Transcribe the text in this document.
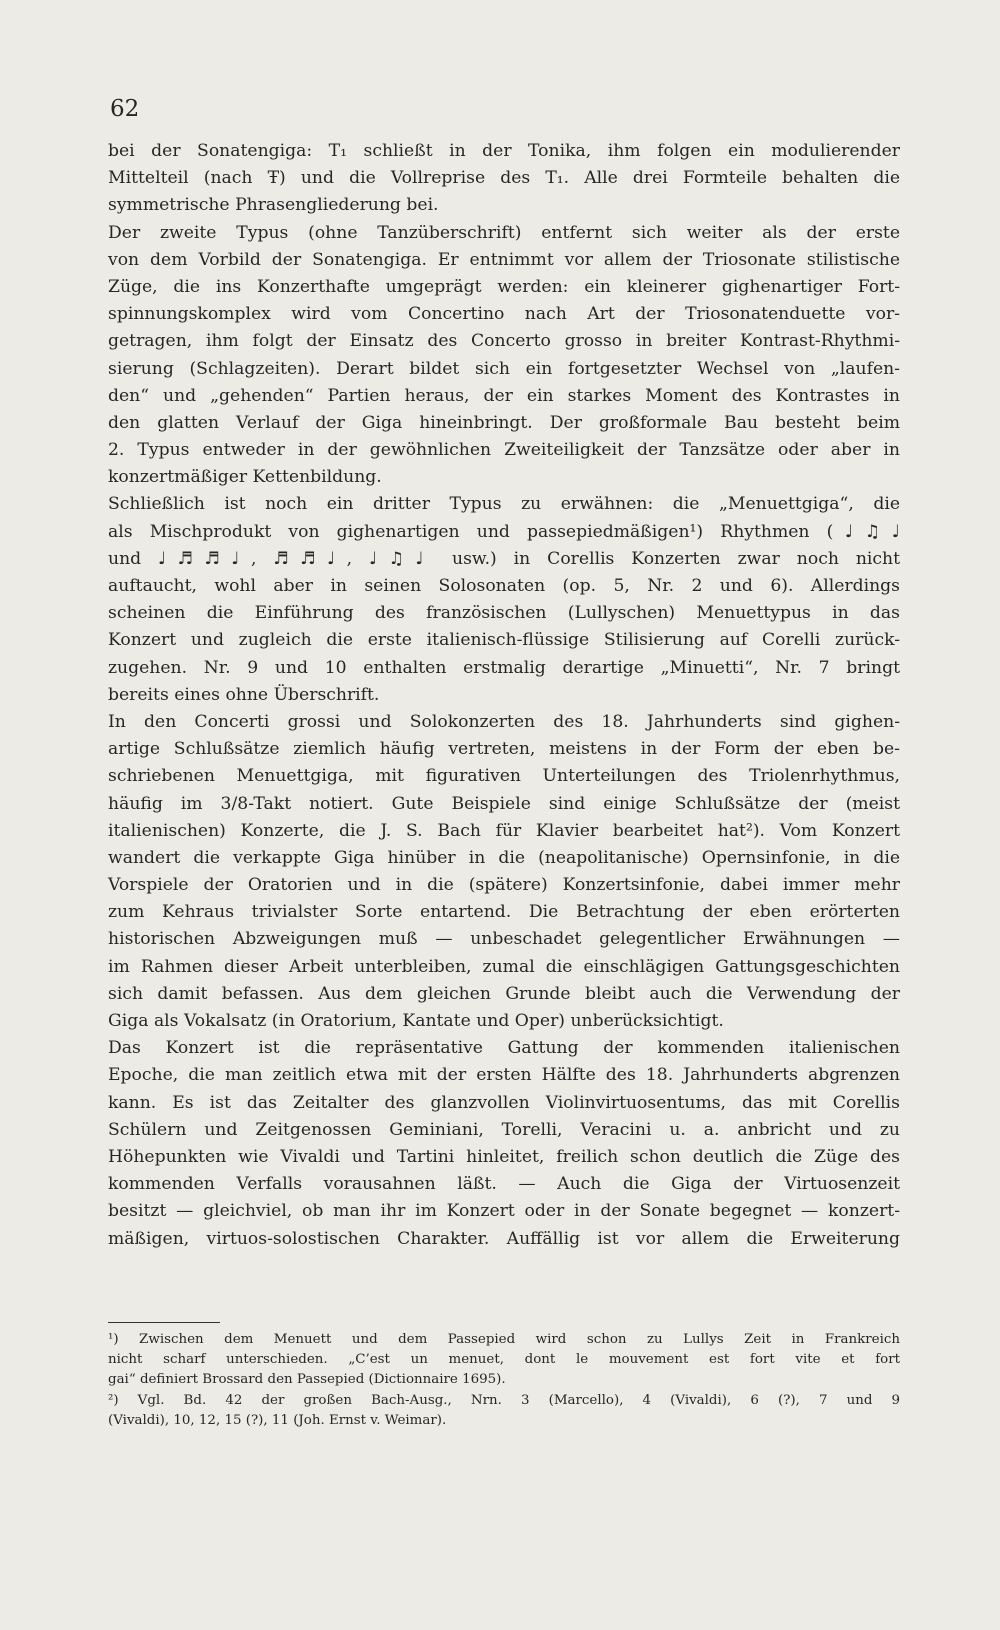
62
bei der Sonatengiga: T₁ schließt in der Tonika, ihm folgen ein modulierender
Mittelteil (nach Ŧ) und die Vollreprise des T₁. Alle drei Formteile behalten die
symmetrische Phrasengliederung bei.
Der zweite Typus (ohne Tanzüberschrift) entfernt sich weiter als der erste
von dem Vorbild der Sonatengiga. Er entnimmt vor allem der Triosonate stilistische
Züge, die ins Konzerthafte umgeprägt werden: ein kleinerer gighenartiger Fort-
spinnungskomplex wird vom Concertino nach Art der Triosonatenduette vor-
getragen, ihm folgt der Einsatz des Concerto grosso in breiter Kontrast-Rhythmi-
sierung (Schlagzeiten). Derart bildet sich ein fortgesetzter Wechsel von „laufen-
den“ und „gehenden“ Partien heraus, der ein starkes Moment des Kontrastes in
den glatten Verlauf der Giga hineinbringt. Der großformale Bau besteht beim
2. Typus entweder in der gewöhnlichen Zweiteiligkeit der Tanzsätze oder aber in
konzertmäßiger Kettenbildung.
Schließlich ist noch ein dritter Typus zu erwähnen: die „Menuettgiga“, die
als Mischprodukt von gighenartigen und passepiedmäßigen¹) Rhythmen (♩♫♩
und ♩♬♬♩, ♬♬♩, ♩♫♩ usw.) in Corellis Konzerten zwar noch nicht
auftaucht, wohl aber in seinen Solosonaten (op. 5, Nr. 2 und 6). Allerdings
scheinen die Einführung des französischen (Lullyschen) Menuettypus in das
Konzert und zugleich die erste italienisch-flüssige Stilisierung auf Corelli zurück-
zugehen. Nr. 9 und 10 enthalten erstmalig derartige „Minuetti“, Nr. 7 bringt
bereits eines ohne Überschrift.
In den Concerti grossi und Solokonzerten des 18. Jahrhunderts sind gighen-
artige Schlußsätze ziemlich häufig vertreten, meistens in der Form der eben be-
schriebenen Menuettgiga, mit figurativen Unterteilungen des Triolenrhythmus,
häufig im 3/8-Takt notiert. Gute Beispiele sind einige Schlußsätze der (meist
italienischen) Konzerte, die J. S. Bach für Klavier bearbeitet hat²). Vom Konzert
wandert die verkappte Giga hinüber in die (neapolitanische) Opernsinfonie, in die
Vorspiele der Oratorien und in die (spätere) Konzertsinfonie, dabei immer mehr
zum Kehraus trivialster Sorte entartend. Die Betrachtung der eben erörterten
historischen Abzweigungen muß — unbeschadet gelegentlicher Erwähnungen —
im Rahmen dieser Arbeit unterbleiben, zumal die einschlägigen Gattungsgeschichten
sich damit befassen. Aus dem gleichen Grunde bleibt auch die Verwendung der
Giga als Vokalsatz (in Oratorium, Kantate und Oper) unberücksichtigt.
Das Konzert ist die repräsentative Gattung der kommenden italienischen
Epoche, die man zeitlich etwa mit der ersten Hälfte des 18. Jahrhunderts abgrenzen
kann. Es ist das Zeitalter des glanzvollen Violinvirtuosentums, das mit Corellis
Schülern und Zeitgenossen Geminiani, Torelli, Veracini u. a. anbricht und zu
Höhepunkten wie Vivaldi und Tartini hinleitet, freilich schon deutlich die Züge des
kommenden Verfalls vorausahnen läßt. — Auch die Giga der Virtuosenzeit
besitzt — gleichviel, ob man ihr im Konzert oder in der Sonate begegnet — konzert-
mäßigen, virtuos-solostischen Charakter. Auffällig ist vor allem die Erweiterung
¹) Zwischen dem Menuett und dem Passepied wird schon zu Lullys Zeit in Frankreich
nicht scharf unterschieden. „C’est un menuet, dont le mouvement est fort vite et fort
gai“ definiert Brossard den Passepied (Dictionnaire 1695).
²) Vgl. Bd. 42 der großen Bach-Ausg., Nrn. 3 (Marcello), 4 (Vivaldi), 6 (?), 7 und 9
(Vivaldi), 10, 12, 15 (?), 11 (Joh. Ernst v. Weimar).
